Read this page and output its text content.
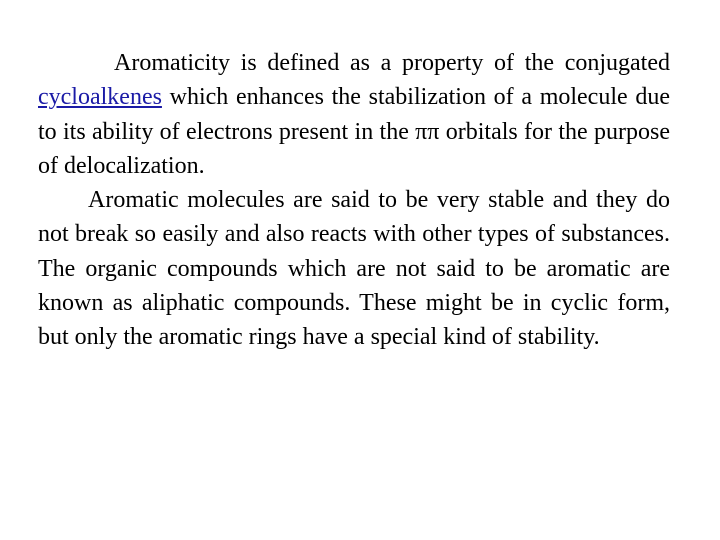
Aromaticity is defined as a property of the conjugated cycloalkenes which enhances the stabilization of a molecule due to its ability of electrons present in the ππ orbitals for the purpose of delocalization.

Aromatic molecules are said to be very stable and they do not break so easily and also reacts with other types of substances. The organic compounds which are not said to be aromatic are known as aliphatic compounds. These might be in cyclic form, but only the aromatic rings have a special kind of stability.
